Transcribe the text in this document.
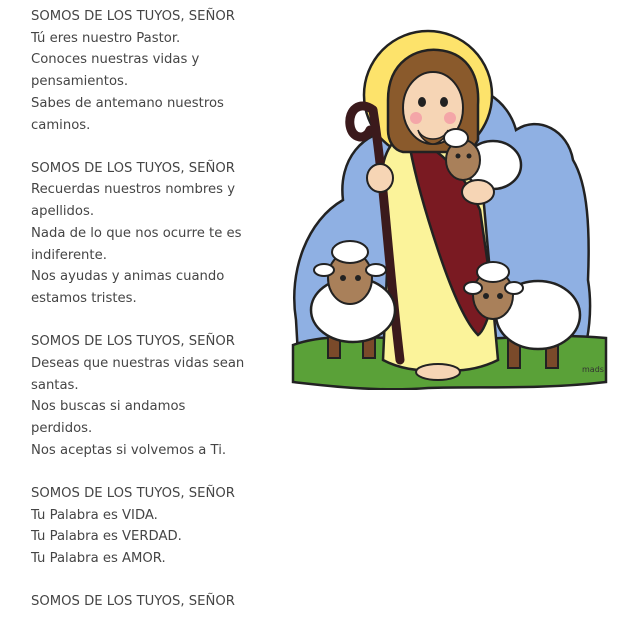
SOMOS DE LOS TUYOS, SEÑOR
Tú eres nuestro Pastor.
Conoces nuestras vidas y
pensamientos.
Sabes de antemano nuestros
caminos.
SOMOS DE LOS TUYOS, SEÑOR
Recuerdas nuestros nombres y
apellidos.
Nada de lo que nos ocurre te es
indiferente.
Nos ayudas y animas cuando
estamos tristes.
SOMOS DE LOS TUYOS, SEÑOR
Deseas que nuestras vidas sean
santas.
Nos buscas si andamos
perdidos.
Nos aceptas si volvemos a Ti.
SOMOS DE LOS TUYOS, SEÑOR
Tu Palabra es VIDA.
Tu Palabra es VERDAD.
Tu Palabra es AMOR.
SOMOS DE LOS TUYOS, SEÑOR
mads
